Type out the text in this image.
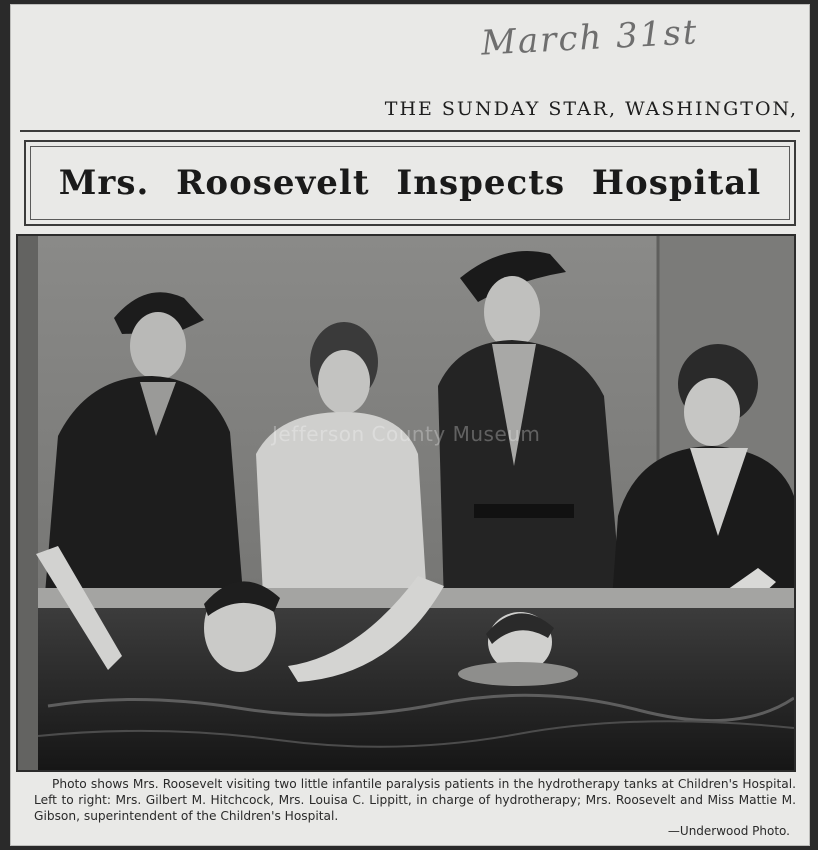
March 31st
THE SUNDAY STAR, WASHINGTON,
Mrs. Roosevelt Inspects Hospital
Jefferson County Museum

Photo shows Mrs. Roosevelt visiting two little infantile paralysis patients in the hydrotherapy tanks at Children's Hospital. Left to right: Mrs. Gilbert M. Hitchcock, Mrs. Louisa C. Lippitt, in charge of hydrotherapy; Mrs. Roosevelt and Miss Mattie M. Gibson, superintendent of the Children's Hospital.

—Underwood Photo.
